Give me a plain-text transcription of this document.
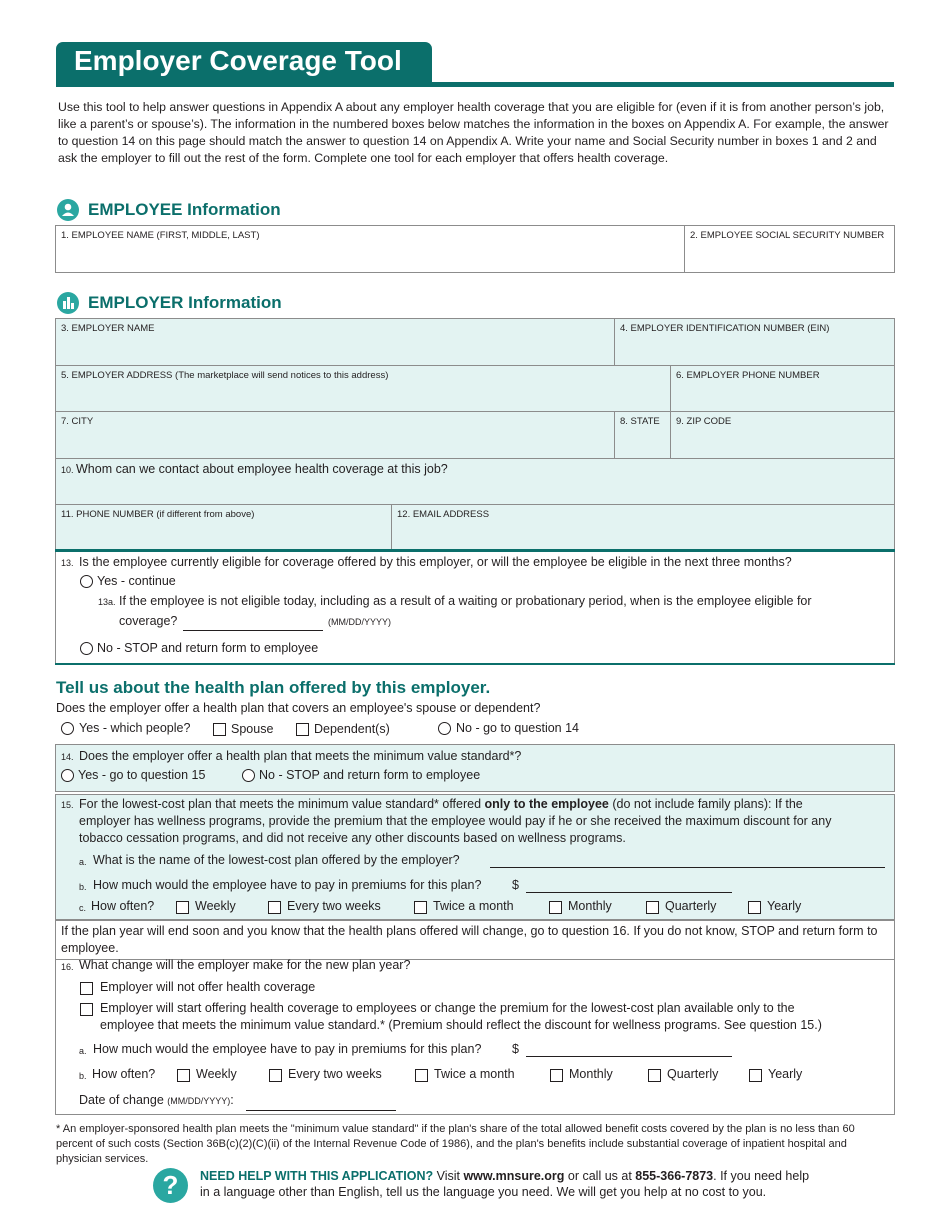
Employer Coverage Tool
Use this tool to help answer questions in Appendix A about any employer health coverage that you are eligible for (even if it is from another person’s job, like a parent’s or spouse’s). The information in the numbered boxes below matches the information in the boxes on Appendix A. For example, the answer to question 14 on this page should match the answer to question 14 on Appendix A. Write your name and Social Security number in boxes 1 and 2 and ask the employer to fill out the rest of the form. Complete one tool for each employer that offers health coverage.
EMPLOYEE Information
1. EMPLOYEE NAME (FIRST, MIDDLE, LAST)	2. EMPLOYEE SOCIAL SECURITY NUMBER
EMPLOYER Information
3. EMPLOYER NAME	4. EMPLOYER IDENTIFICATION NUMBER (EIN)
5. EMPLOYER ADDRESS (The marketplace will send notices to this address)	6. EMPLOYER PHONE NUMBER
7. CITY	8. STATE 9. ZIP CODE
10. Whom can we contact about employee health coverage at this job?
11. PHONE NUMBER (if different from above)	12. EMAIL ADDRESS
13. Is the employee currently eligible for coverage offered by this employer, or will the employee be eligible in the next three months?
Yes - continue
13a. If the employee is not eligible today, including as a result of a waiting or probationary period, when is the employee eligible for
coverage?	(MM/DD/YYYY)
No - STOP and return form to employee
Tell us about the health plan offered by this employer.
Does the employer offer a health plan that covers an employee's spouse or dependent?
Yes - which people?	Spouse	Dependent(s)	No - go to question 14
14. Does the employer offer a health plan that meets the minimum value standard*?
Yes - go to question 15	No - STOP and return form to employee
15. For the lowest-cost plan that meets the minimum value standard* offered only to the employee (do not include family plans): If the
employer has wellness programs, provide the premium that the employee would pay if he or she received the maximum discount for any
tobacco cessation programs, and did not receive any other discounts based on wellness programs.
a. What is the name of the lowest-cost plan offered by the employer?
b. How much would the employee have to pay in premiums for this plan? $
c. How often?	Weekly	Every two weeks	Twice a month	Monthly	Quarterly	Yearly
If the plan year will end soon and you know that the health plans offered will change, go to question 16. If you do not know, STOP and return form to employee.
16. What change will the employer make for the new plan year?
Employer will not offer health coverage
Employer will start offering health coverage to employees or change the premium for the lowest-cost plan available only to the
employee that meets the minimum value standard.* (Premium should reflect the discount for wellness programs. See question 15.)
a. How much would the employee have to pay in premiums for this plan? $
b. How often?	Weekly	Every two weeks	Twice a month	Monthly	Quarterly	Yearly
Date of change (MM/DD/YYYY):
* An employer-sponsored health plan meets the "minimum value standard" if the plan's share of the total allowed benefit costs covered by the plan is no less than 60 percent of such costs (Section 36B(c)(2)(C)(ii) of the Internal Revenue Code of 1986), and the plan's benefits include substantial coverage of inpatient hospital and physician services.
?	NEED HELP WITH THIS APPLICATION? Visit www.mnsure.org or call us at 855-366-7873. If you need help
in a language other than English, tell us the language you need. We will get you help at no cost to you.
